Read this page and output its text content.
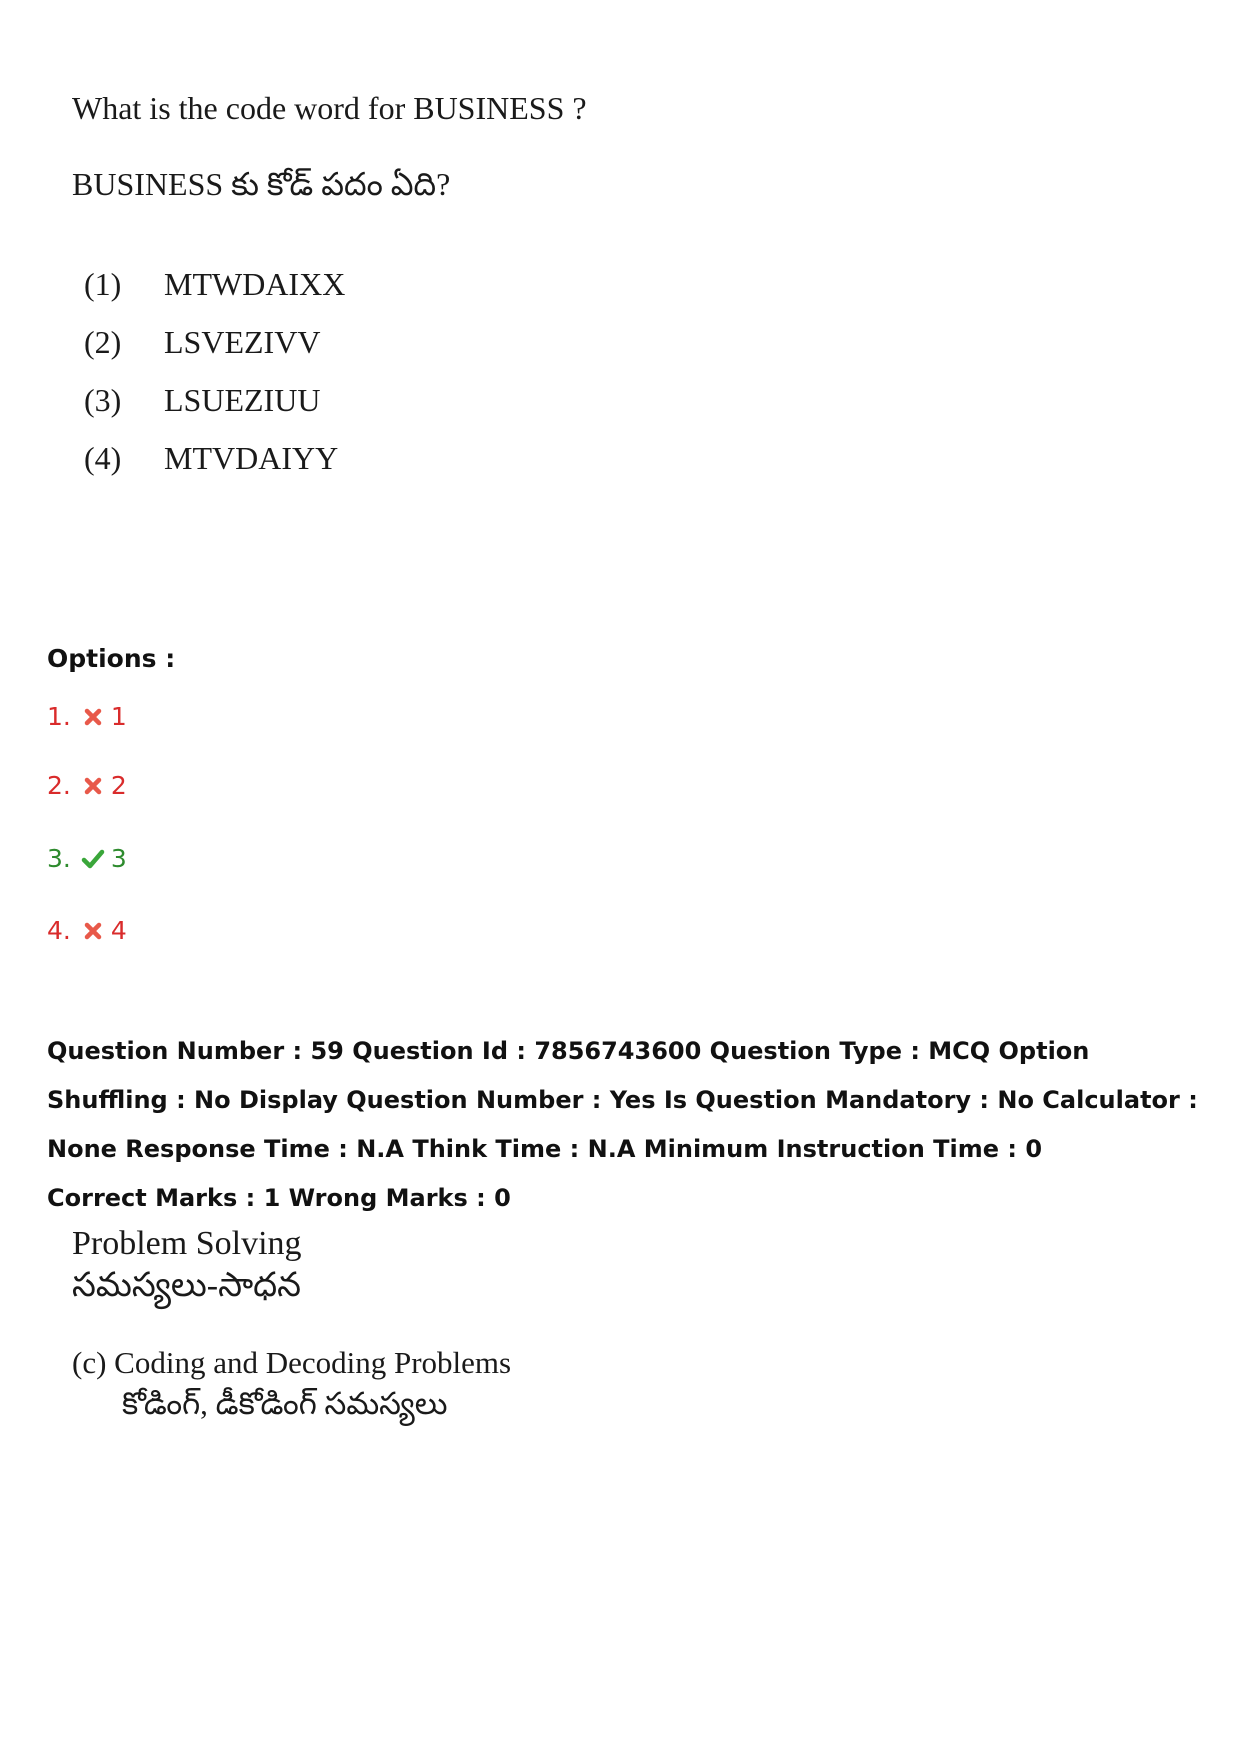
What is the code word for BUSINESS ?

BUSINESS కు కోడ్ పదం ఏది?

(1)	MTWDAIXX
(2)	LSVEZIVV
(3)	LSUEZIUU
(4)	MTVDAIYY

Options :

1. 1
2. 2
3. 3
4. 4

Question Number : 59 Question Id : 7856743600 Question Type : MCQ Option Shuffling : No Display Question Number : Yes Is Question Mandatory : No Calculator : None Response Time : N.A Think Time : N.A Minimum Instruction Time : 0

Correct Marks : 1 Wrong Marks : 0

Problem Solving

సమస్యలు-సాధన

(c) Coding and Decoding Problems

కోడింగ్, డీకోడింగ్ సమస్యలు
